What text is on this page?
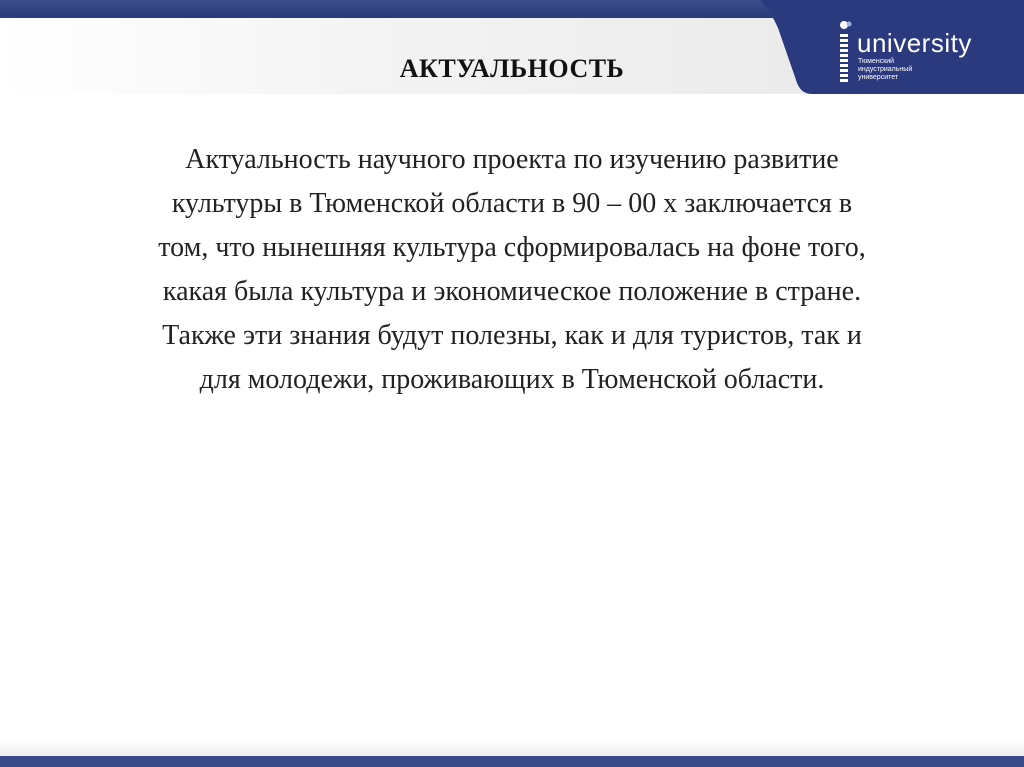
university
Тюменский
индустриальный
университет
АКТУАЛЬНОСТЬ
Актуальность научного проекта по изучению развитие
культуры в Тюменской области в 90 – 00 х заключается в
том, что нынешняя культура сформировалась на фоне того,
какая была культура и экономическое положение в стране.
Также эти знания будут полезны, как и для туристов, так и
для молодежи, проживающих в Тюменской области.
